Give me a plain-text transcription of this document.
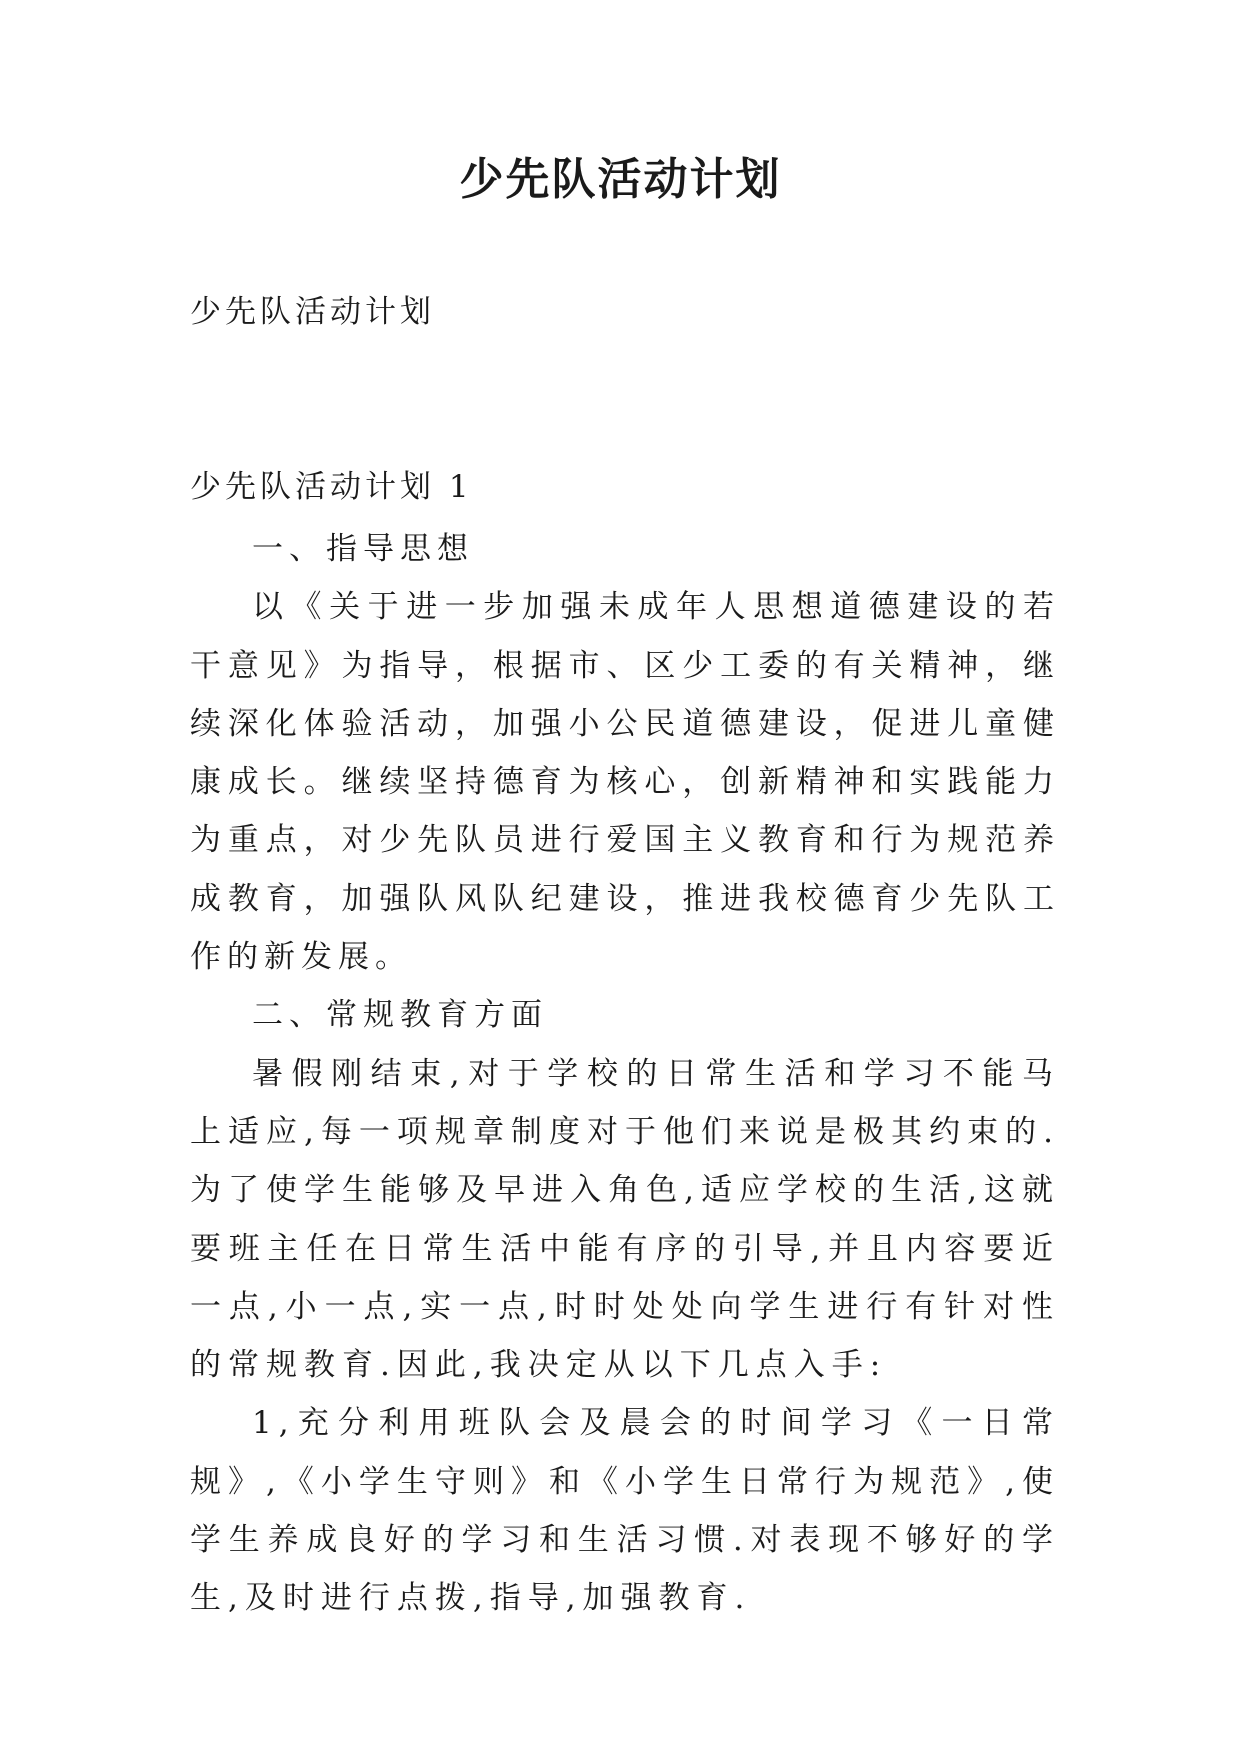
少先队活动计划
少先队活动计划
少先队活动计划 1

一、指导思想

以《关于进一步加强未成年人思想道德建设的若干意见》为指导，根据市、区少工委的有关精神，继续深化体验活动，加强小公民道德建设，促进儿童健康成长。继续坚持德育为核心，创新精神和实践能力为重点，对少先队员进行爱国主义教育和行为规范养成教育，加强队风队纪建设，推进我校德育少先队工作的新发展。

二、常规教育方面

暑假刚结束,对于学校的日常生活和学习不能马上适应,每一项规章制度对于他们来说是极其约束的.为了使学生能够及早进入角色,适应学校的生活,这就要班主任在日常生活中能有序的引导,并且内容要近一点,小一点,实一点,时时处处向学生进行有针对性的常规教育.因此,我决定从以下几点入手:

1,充分利用班队会及晨会的时间学习《一日常规》,《小学生守则》和《小学生日常行为规范》,使学生养成良好的学习和生活习惯.对表现不够好的学生,及时进行点拨,指导,加强教育.
